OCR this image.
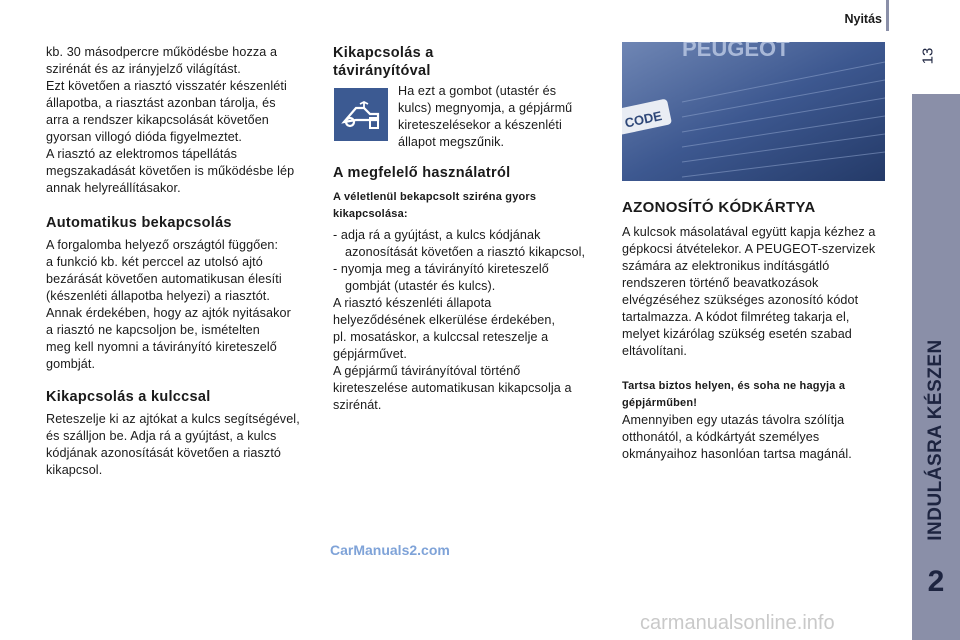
Nyitás
13
INDULÁSRA KÉSZEN
2

kb. 30 másodpercre működésbe hozza a

szirénát és az irányjelző világítást.

Ezt követően a riasztó visszatér készenléti

állapotba, a riasztást azonban tárolja, és

arra a rendszer kikapcsolását követően

gyorsan villogó dióda figyelmeztet.

A riasztó az elektromos tápellátás

megszakadását követően is működésbe lép

annak helyreállításakor.

Automatikus bekapcsolás

A forgalomba helyező országtól függően:

a funkció kb. két perccel az utolsó ajtó

bezárását követően automatikusan élesíti

(készenléti állapotba helyezi) a riasztót.

Annak érdekében, hogy az ajtók nyitásakor

a riasztó ne kapcsoljon be, ismételten

meg kell nyomni a távirányító kireteszelő

gombját.

Kikapcsolás a kulccsal

Reteszelje ki az ajtókat a kulcs segítségével,

és szálljon be. Adja rá a gyújtást, a kulcs

kódjának azonosítását követően a riasztó

kikapcsol.

Kikapcsolás a
távirányítóval

Ha ezt a gombot (utastér és

kulcs) megnyomja, a gépjármű

kireteszelésekor a készenléti

állapot megszűnik.

A megfelelő használatról
A véletlenül bekapcsolt sziréna gyors
kikapcsolása:

- adja rá a gyújtást, a kulcs kódjának
azonosítását követően a riasztó kikapcsol,

- nyomja meg a távirányító kireteszelő
gombját (utastér és kulcs).

A riasztó készenléti állapota

helyeződésének elkerülése érdekében,

pl. mosatáskor, a kulccsal reteszelje a

gépjárművet.

A gépjármű távirányítóval történő

kireteszelése automatikusan kikapcsolja a

szirénát.

CODE
PEUGEOT
AZONOSÍTÓ KÓDKÁRTYA

A kulcsok másolatával együtt kapja kézhez a

gépkocsi átvételekor. A PEUGEOT-szervizek

számára az elektronikus indításgátló

rendszeren történő beavatkozások

elvégzéséhez szükséges azonosító kódot

tartalmazza. A kódot filmréteg takarja el,

melyet kizárólag szükség esetén szabad

eltávolítani.

Tartsa biztos helyen, és soha ne hagyja a
gépjárműben!

Amennyiben egy utazás távolra szólítja

otthonától, a kódkártyát személyes

okmányaihoz hasonlóan tartsa magánál.

CarManuals2.com
carmanualsonline.info
